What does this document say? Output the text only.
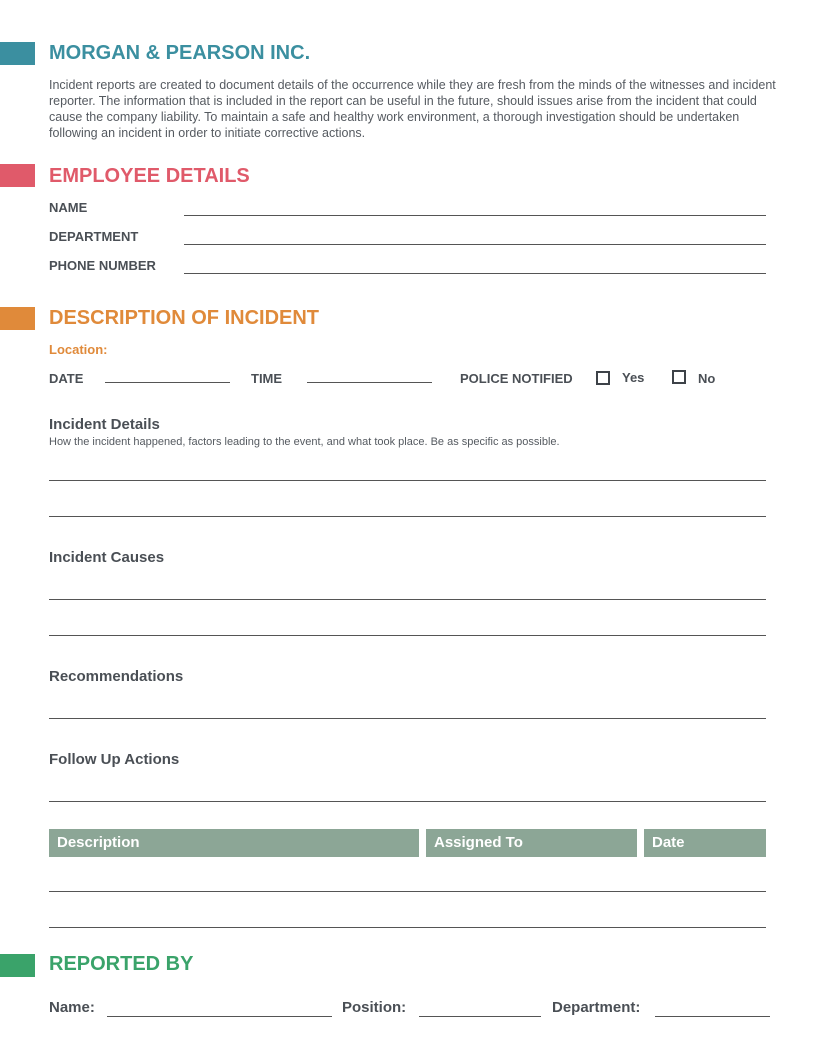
MORGAN & PEARSON INC.
Incident reports are created to document details of the occurrence while they are fresh from the minds of the witnesses and incident reporter. The information that is included in the report can be useful in the future, should issues arise from the incident that could cause the company liability. To maintain a safe and healthy work environment, a thorough investigation should be undertaken following an incident in order to initiate corrective actions.
EMPLOYEE DETAILS
NAME
DEPARTMENT
PHONE NUMBER
DESCRIPTION OF INCIDENT
Location:
DATE	TIME	POLICE NOTIFIED	Yes	No
Incident Details
How the incident happened, factors leading to the event, and what took place. Be as specific as possible.
Incident Causes
Recommendations
Follow Up Actions
Description	Assigned To	Date
REPORTED BY
Name:	Position:	Department:
